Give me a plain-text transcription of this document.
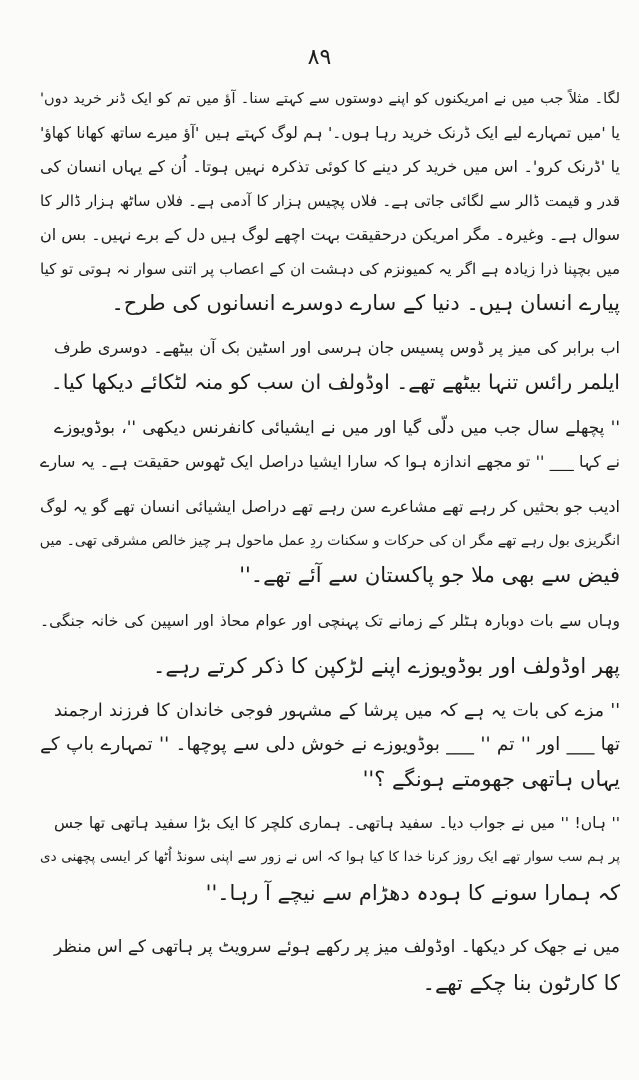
۸۹
لگا۔ مثلاً جب میں نے امریکنوں کو اپنے دوستوں سے کہتے سنا۔ آؤ میں تم کو ایک ڈنر خرید دوں'
یا 'میں تمہارے لیے ایک ڈرنک خرید رہا ہوں۔' ہم لوگ کہتے ہیں 'آؤ میرے ساتھ کھانا کھاؤ'
یا 'ڈرنک کرو'۔ اس میں خرید کر دینے کا کوئی تذکرہ نہیں ہوتا۔ اُن کے یہاں انسان کی
قدر و قیمت ڈالر سے لگائی جاتی ہے۔ فلاں پچیس ہزار کا آدمی ہے۔ فلاں ساٹھ ہزار ڈالر کا
سوال ہے۔ وغیرہ۔ مگر امریکن درحقیقت بہت اچھے لوگ ہیں دل کے برے نہیں۔ بس ان
میں بچپنا ذرا زیادہ ہے اگر یہ کمیونزم کی دہشت ان کے اعصاب پر اتنی سوار نہ ہوتی تو کیا
پیارے انسان ہیں۔ دنیا کے سارے دوسرے انسانوں کی طرح۔
اب برابر کی میز پر ڈوس پسیس جان ہرسی اور اسٹین بک آن بیٹھے۔ دوسری طرف
ایلمر رائس تنہا بیٹھے تھے۔ اوڈولف ان سب کو منہ لٹکائے دیکھا کیا۔
'' پچھلے سال جب میں دلّی گیا اور میں نے ایشیائی کانفرنس دیکھی ''، بوڈویوزے
نے کہا ___ '' تو مجھے اندازہ ہوا کہ سارا ایشیا دراصل ایک ٹھوس حقیقت ہے۔ یہ سارے
ادیب جو بحثیں کر رہے تھے مشاعرے سن رہے تھے دراصل ایشیائی انسان تھے گو یہ لوگ
انگریزی بول رہے تھے مگر ان کی حرکات و سکنات ردِ عمل ماحول ہر چیز خالص مشرقی تھی۔ میں
فیض سے بھی ملا جو پاکستان سے آئے تھے۔''
وہاں سے بات دوبارہ ہٹلر کے زمانے تک پہنچی اور عوام محاذ اور اسپین کی خانہ جنگی۔
پھر اوڈولف اور بوڈویوزے اپنے لڑکپن کا ذکر کرتے رہے۔
'' مزے کی بات یہ ہے کہ میں پرشا کے مشہور فوجی خاندان کا فرزند ارجمند
تھا ___ اور '' تم '' ___ بوڈویوزے نے خوش دلی سے پوچھا۔ '' تمہارے باپ کے
یہاں ہاتھی جھومتے ہونگے ؟''
'' ہاں! '' میں نے جواب دیا۔ سفید ہاتھی۔ ہماری کلچر کا ایک بڑا سفید ہاتھی تھا جس
پر ہم سب سوار تھے ایک روز کرنا خدا کا کیا ہوا کہ اس نے زور سے اپنی سونڈ اُٹھا کر ایسی پچھنی دی
کہ ہمارا سونے کا ہودہ دھڑام سے نیچے آ رہا۔''
میں نے جھک کر دیکھا۔ اوڈولف میز پر رکھے ہوئے سرویٹ پر ہاتھی کے اس منظر
کا کارٹون بنا چکے تھے۔
